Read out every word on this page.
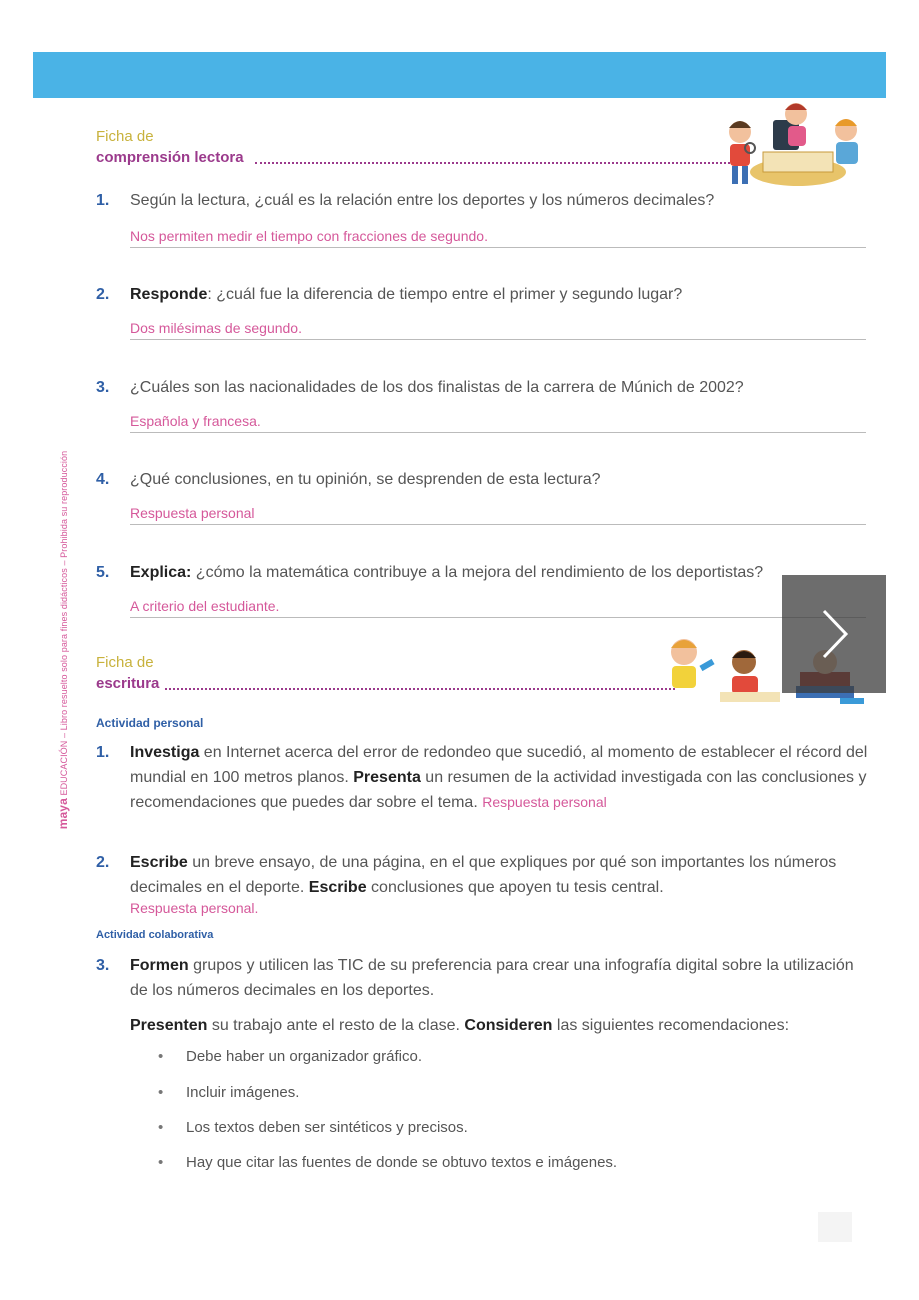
maya EDUCACIÓN – Libro resuelto solo para fines didácticos – Prohibida su reproducción
Ficha de
comprensión lectora
1. Según la lectura, ¿cuál es la relación entre los deportes y los números decimales?
Nos permiten medir el tiempo con fracciones de segundo.
2. Responde: ¿cuál fue la diferencia de tiempo entre el primer y segundo lugar?
Dos milésimas de segundo.
3. ¿Cuáles son las nacionalidades de los dos finalistas de la carrera de Múnich de 2002?
Española y francesa.
4. ¿Qué conclusiones, en tu opinión, se desprenden de esta lectura?
Respuesta personal
5. Explica: ¿cómo la matemática contribuye a la mejora del rendimiento de los deportistas?
A criterio del estudiante.
Ficha de
escritura
Actividad personal
1. Investiga en Internet acerca del error de redondeo que sucedió, al momento de establecer el récord del mundial en 100 metros planos. Presenta un resumen de la actividad investigada con las conclusiones y recomendaciones que puedes dar sobre el tema. Respuesta personal
2. Escribe un breve ensayo, de una página, en el que expliques por qué son importantes los números decimales en el deporte. Escribe conclusiones que apoyen tu tesis central.
Respuesta personal.
Actividad colaborativa
3. Formen grupos y utilicen las TIC de su preferencia para crear una infografía digital sobre la utilización de los números decimales en los deportes.
Presenten su trabajo ante el resto de la clase. Consideren las siguientes recomendaciones:
• Debe haber un organizador gráfico.
• Incluir imágenes.
• Los textos deben ser sintéticos y precisos.
• Hay que citar las fuentes de donde se obtuvo textos e imágenes.
